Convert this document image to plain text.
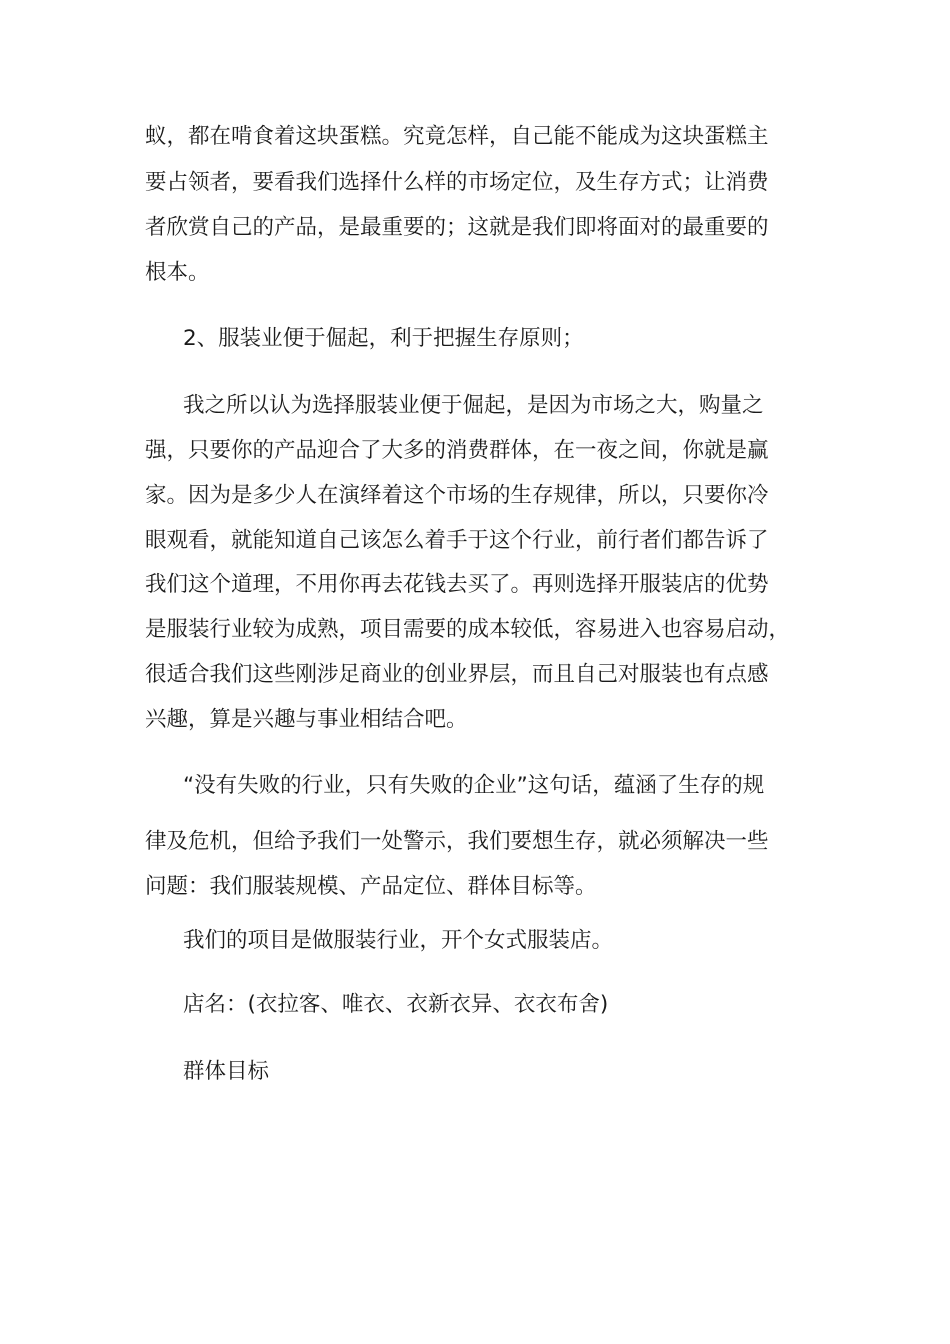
蚁，都在啃食着这块蛋糕。究竟怎样，自己能不能成为这块蛋糕主
要占领者，要看我们选择什么样的市场定位，及生存方式；让消费
者欣赏自己的产品，是最重要的；这就是我们即将面对的最重要的
根本。
2、服装业便于倔起，利于把握生存原则；
我之所以认为选择服装业便于倔起，是因为市场之大，购量之
强，只要你的产品迎合了大多的消费群体，在一夜之间，你就是赢
家。因为是多少人在演绎着这个市场的生存规律，所以，只要你冷
眼观看，就能知道自己该怎么着手于这个行业，前行者们都告诉了
我们这个道理，不用你再去花钱去买了。再则选择开服装店的优势
是服装行业较为成熟，项目需要的成本较低，容易进入也容易启动，
很适合我们这些刚涉足商业的创业界层，而且自己对服装也有点感
兴趣，算是兴趣与事业相结合吧。
“没有失败的行业，只有失败的企业”这句话，蕴涵了生存的规
律及危机，但给予我们一处警示，我们要想生存，就必须解决一些
问题：我们服装规模、产品定位、群体目标等。
我们的项目是做服装行业，开个女式服装店。
店名：(衣拉客、唯衣、衣新衣异、衣衣布舍)
群体目标
